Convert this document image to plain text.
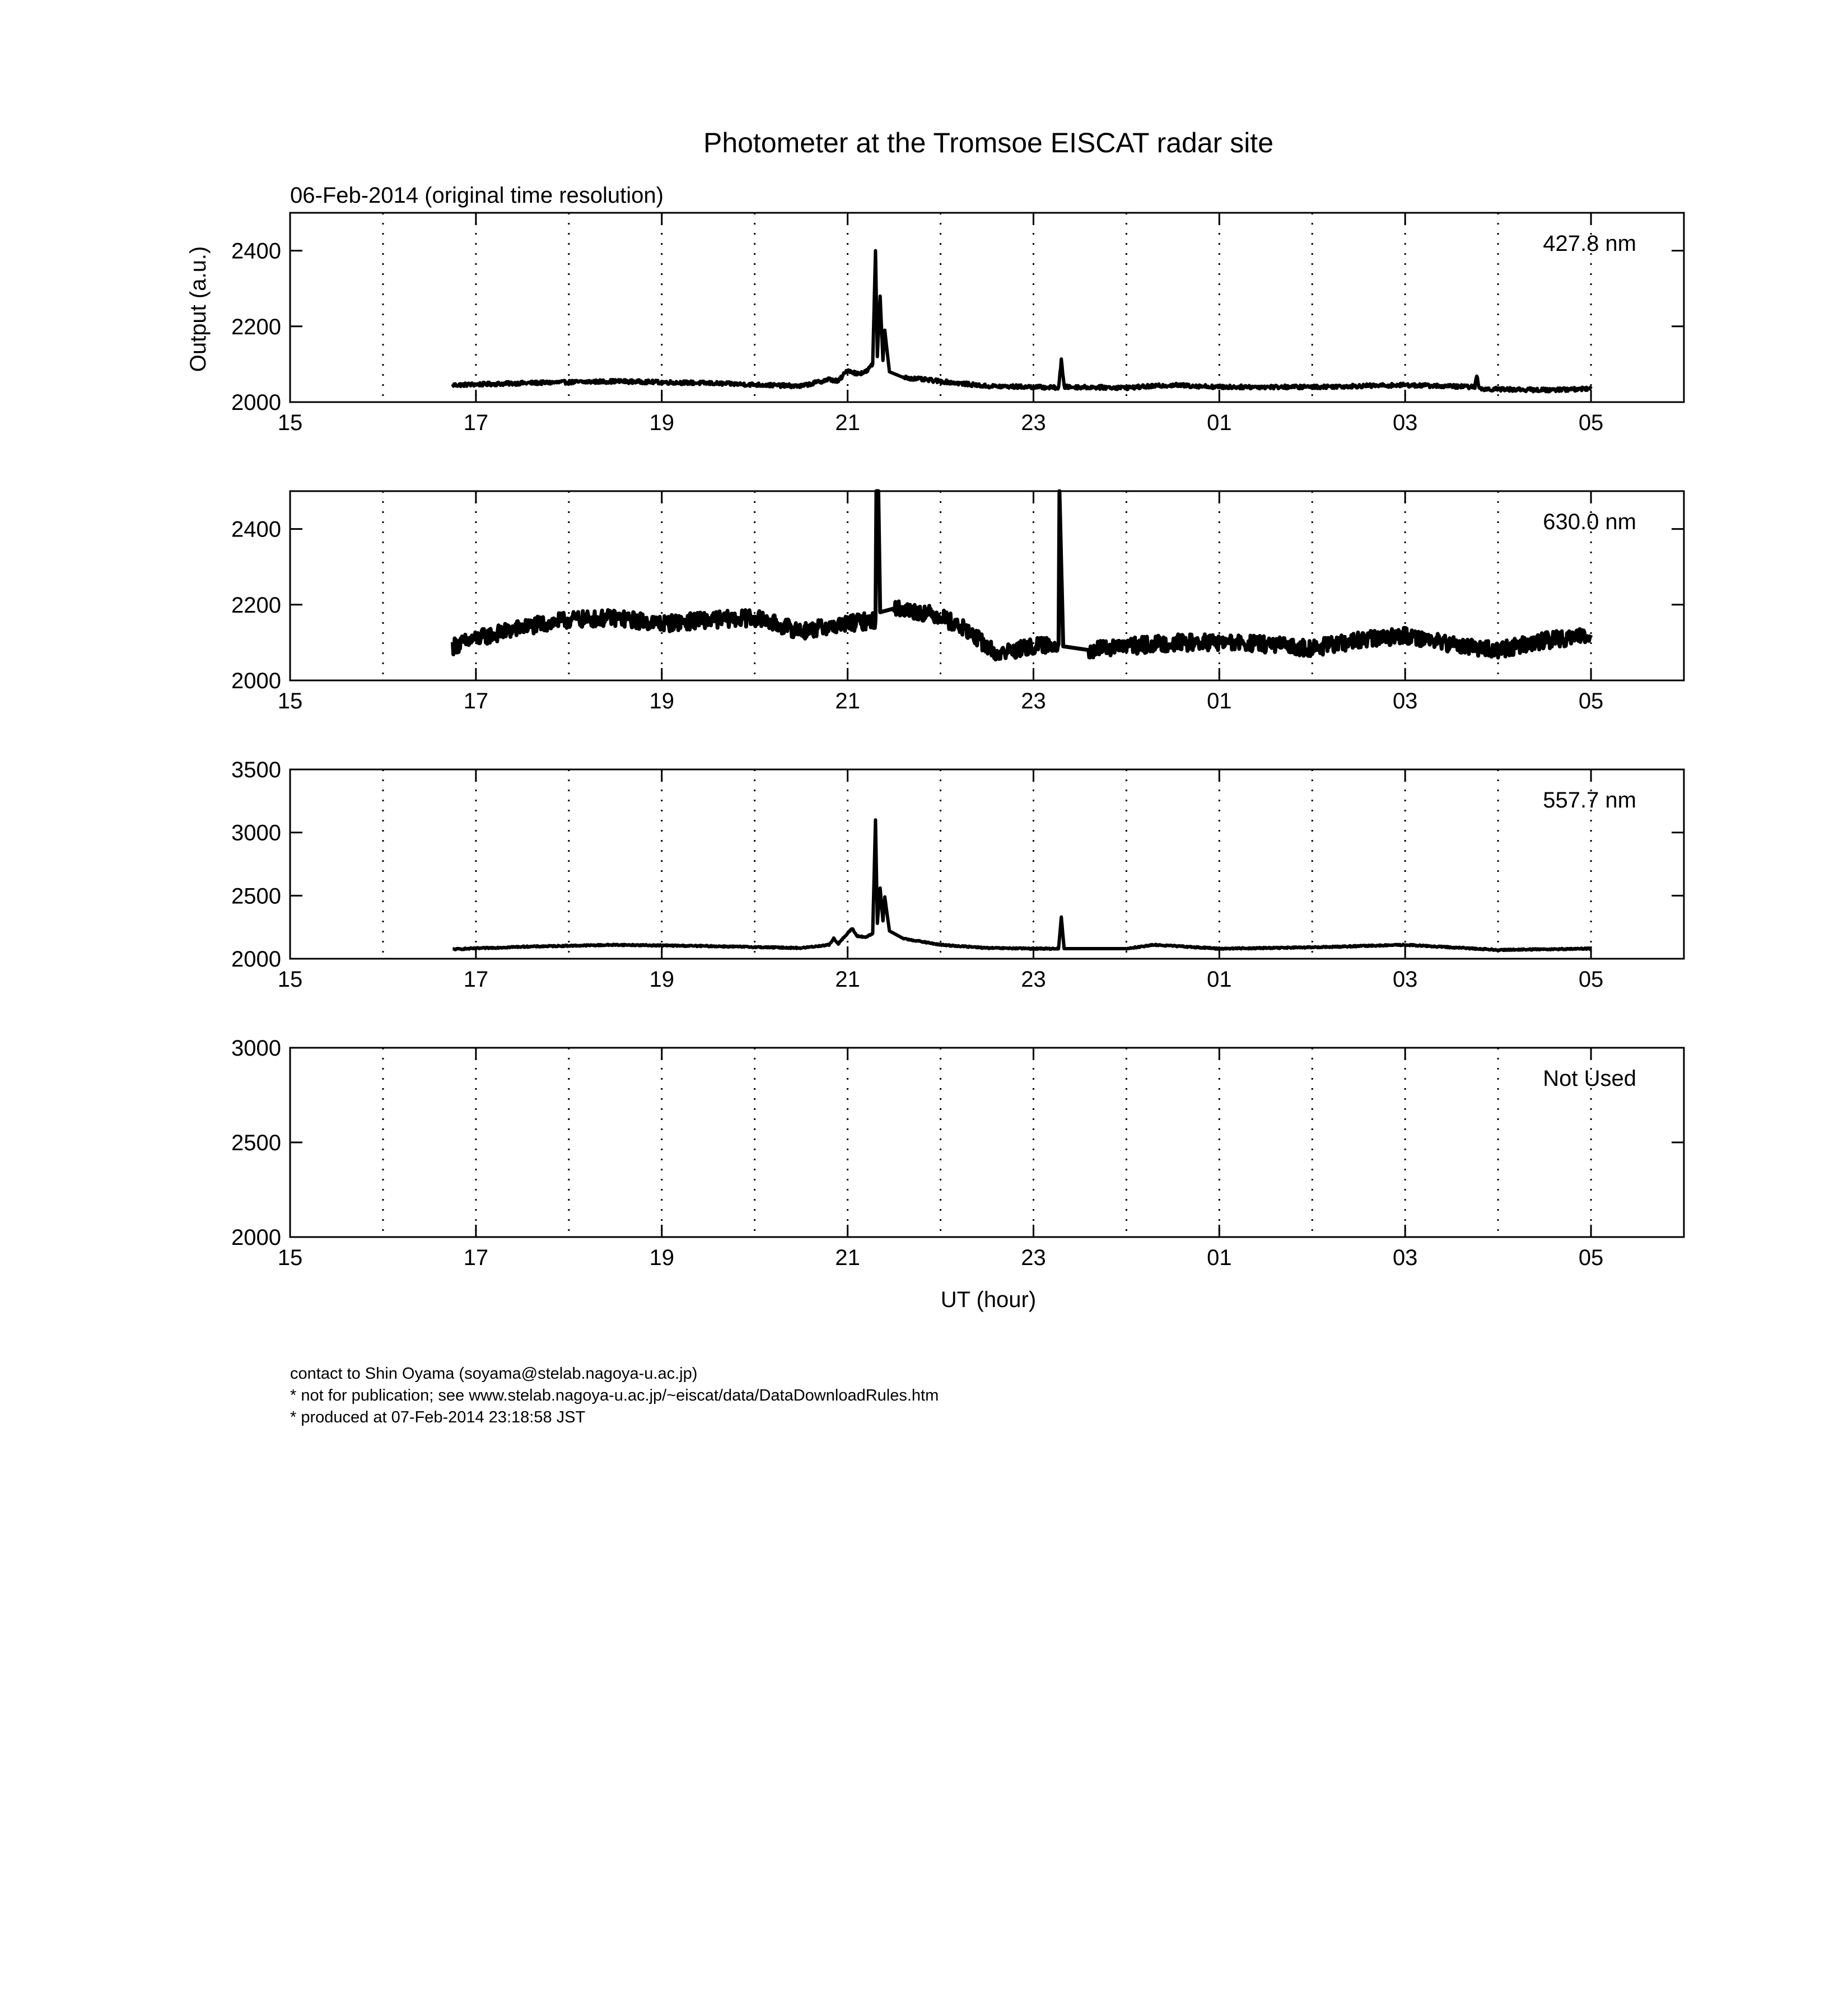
Photometer at the Tromsoe EISCAT radar site
06-Feb-2014 (original time resolution)
Output (a.u.)
UT (hour)
contact to Shin Oyama (soyama@stelab.nagoya-u.ac.jp)
* not for publication; see www.stelab.nagoya-u.ac.jp/~eiscat/data/DataDownloadRules.htm
* produced at 07-Feb-2014 23:18:58 JST
15	17	19	21	23	01	03	05
2000
2200
2400	427.8 nm
15	17	19	21	23	01	03	05
2000
2200
2400	630.0 nm
15	17	19	21	23	01	03	05
2000
2500
3000
3500
557.7 nm
15	17	19	21	23	01	03	05
2000
2500
3000
Not Used
